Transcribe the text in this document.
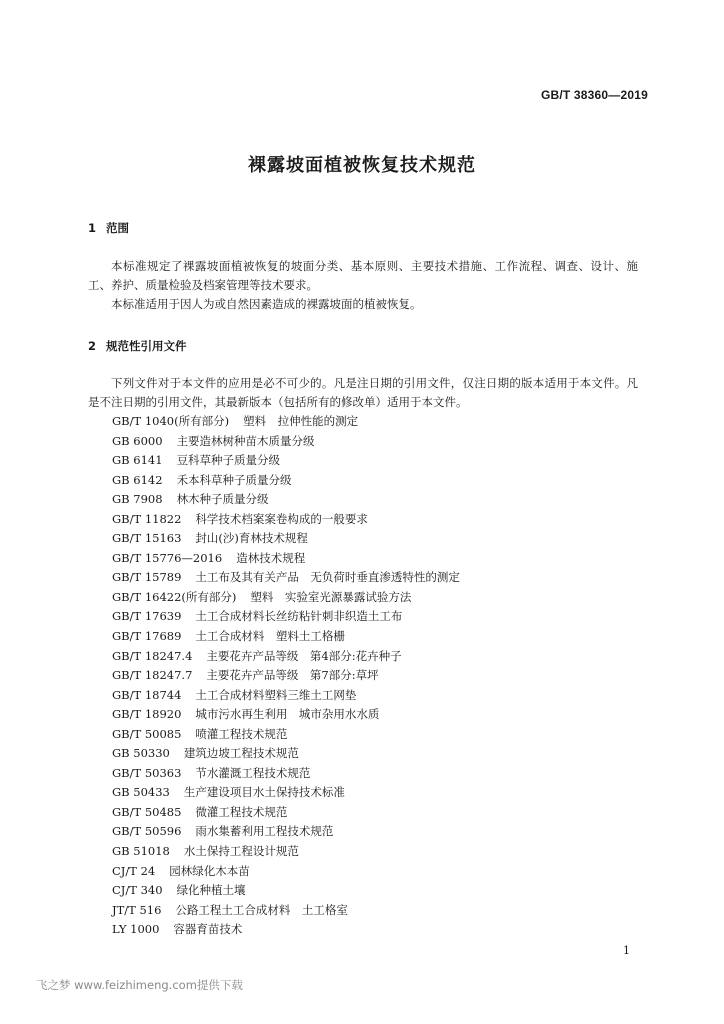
GB/T 38360—2019
裸露坡面植被恢复技术规范
1 范围
本标准规定了裸露坡面植被恢复的坡面分类、基本原则、主要技术措施、工作流程、调查、设计、施工、养护、质量检验及档案管理等技术要求。
本标准适用于因人为或自然因素造成的裸露坡面的植被恢复。
2 规范性引用文件
下列文件对于本文件的应用是必不可少的。凡是注日期的引用文件，仅注日期的版本适用于本文件。凡是不注日期的引用文件，其最新版本（包括所有的修改单）适用于本文件。
GB/T 1040(所有部分) 塑料　拉伸性能的测定
GB 6000 主要造林树种苗木质量分级
GB 6141 豆科草种子质量分级
GB 6142 禾本科草种子质量分级
GB 7908 林木种子质量分级
GB/T 11822 科学技术档案案卷构成的一般要求
GB/T 15163 封山(沙)育林技术规程
GB/T 15776—2016 造林技术规程
GB/T 15789 土工布及其有关产品　无负荷时垂直渗透特性的测定
GB/T 16422(所有部分) 塑料　实验室光源暴露试验方法
GB/T 17639 土工合成材料长丝纺粘针刺非织造土工布
GB/T 17689 土工合成材料　塑料土工格栅
GB/T 18247.4 主要花卉产品等级　第4部分:花卉种子
GB/T 18247.7 主要花卉产品等级　第7部分:草坪
GB/T 18744 土工合成材料塑料三维土工网垫
GB/T 18920 城市污水再生利用　城市杂用水水质
GB/T 50085 喷灌工程技术规范
GB 50330 建筑边坡工程技术规范
GB/T 50363 节水灌溉工程技术规范
GB 50433 生产建设项目水土保持技术标准
GB/T 50485 微灌工程技术规范
GB/T 50596 雨水集蓄利用工程技术规范
GB 51018 水土保持工程设计规范
CJ/T 24 园林绿化木本苗
CJ/T 340 绿化种植土壤
JT/T 516 公路工程土工合成材料　土工格室
LY 1000 容器育苗技术
1
飞之梦 www.feizhimeng.com提供下载
